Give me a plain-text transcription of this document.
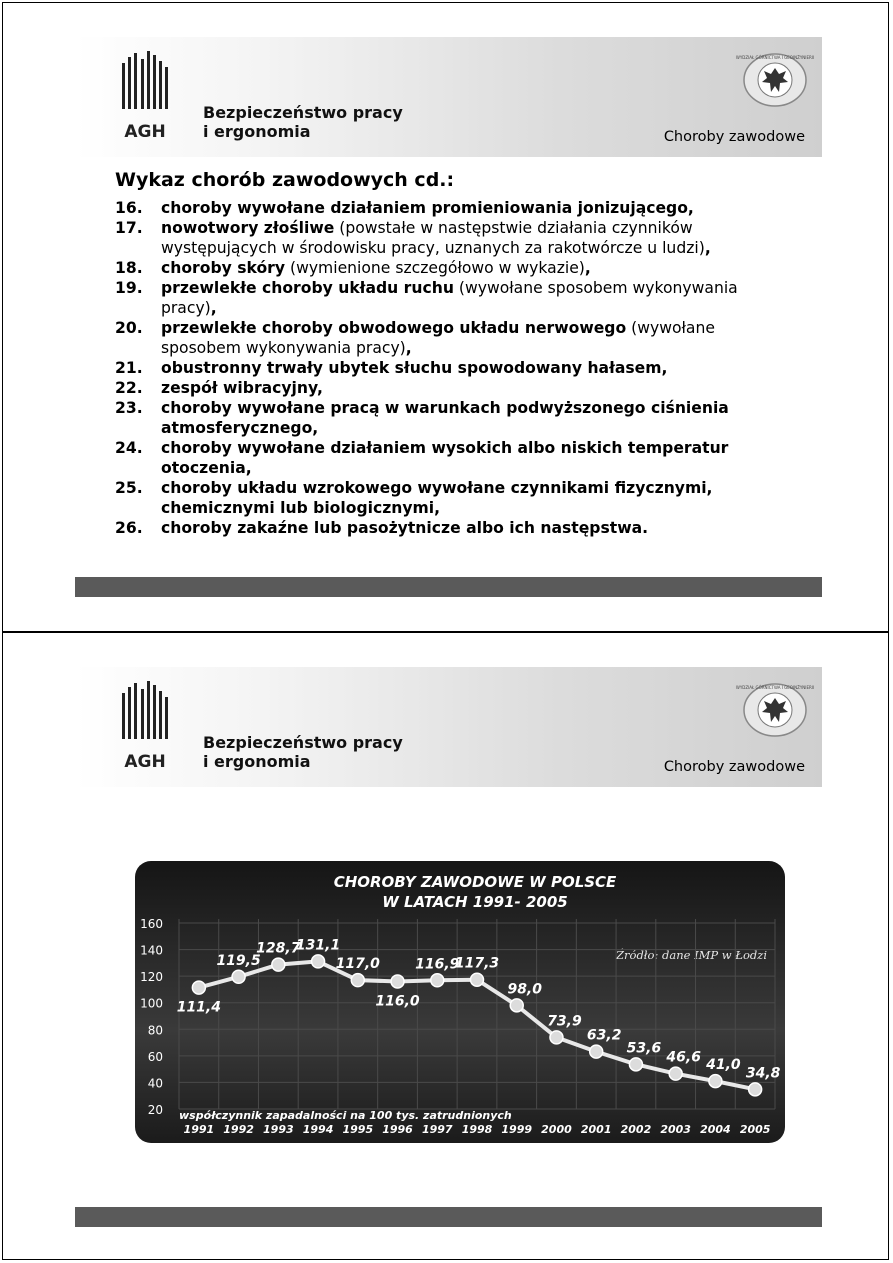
AGH
Bezpieczeństwo pracy
i ergonomia	Choroby zawodowe
WYDZIAŁ GÓRNICTWA I GEOINŻYNIERII
Wykaz chorób zawodowych cd.:
16. choroby wywołane działaniem promieniowania jonizującego,
17. nowotwory złośliwe (powstałe w następstwie działania czynników występujących w środowisku pracy, uznanych za rakotwórcze u ludzi),
18. choroby skóry (wymienione szczegółowo w wykazie),
19. przewlekłe choroby układu ruchu (wywołane sposobem wykonywania pracy),
20. przewlekłe choroby obwodowego układu nerwowego (wywołane sposobem wykonywania pracy),
21. obustronny trwały ubytek słuchu spowodowany hałasem,
22. zespół wibracyjny,
23. choroby wywołane pracą w warunkach podwyższonego ciśnienia atmosferycznego,
24. choroby wywołane działaniem wysokich albo niskich temperatur otoczenia,
25. choroby układu wzrokowego wywołane czynnikami fizycznymi, chemicznymi lub biologicznymi,
26. choroby zakaźne lub pasożytnicze albo ich następstwa.
AGH
Bezpieczeństwo pracy
i ergonomia	Choroby zawodowe
WYDZIAŁ GÓRNICTWA I GEOINŻYNIERII
CHOROBY ZAWODOWE W POLSCE
W LATACH 1991- 2005
Źródło: dane IMP w Łodzi
współczynnik zapadalności na 100 tys. zatrudnionych
160
140
120
100
80
60
40
20
1991 1992 1993 1994 1995 1996 1997 1998 1999 2000 2001 2002 2003 2004 2005
111,4
119,5
128,7
131,1
117,0
116,0
116,9
117,3
98,0
73,9
63,2
53,6
46,6 41,0
34,8
